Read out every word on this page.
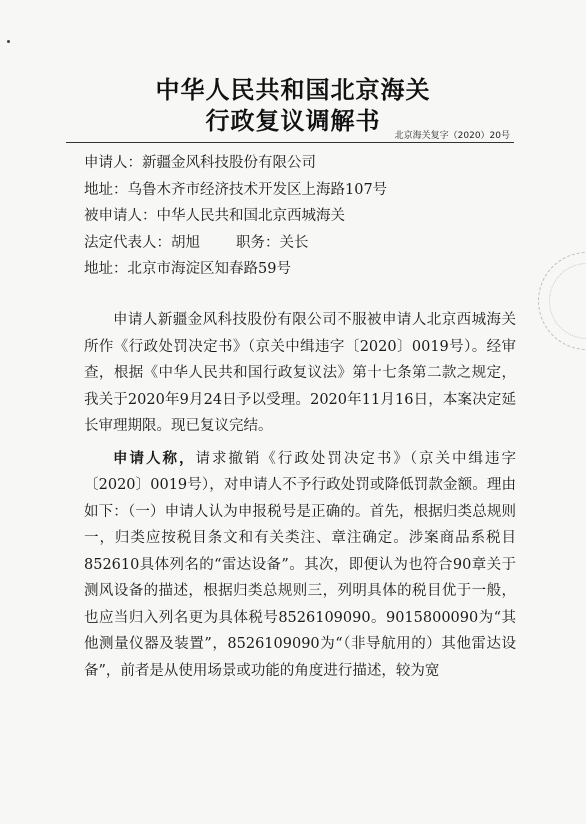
中华人民共和国北京海关
行政复议调解书
北京海关复字（2020）20号
申请人：新疆金风科技股份有限公司
地址：乌鲁木齐市经济技术开发区上海路107号
被申请人：中华人民共和国北京西城海关
法定代表人：胡旭 职务：关长
地址：北京市海淀区知春路59号

申请人新疆金风科技股份有限公司不服被申请人北京西城海关所作《行政处罚决定书》（京关中缉违字〔2020〕0019号）。经审查，根据《中华人民共和国行政复议法》第十七条第二款之规定，我关于2020年9月24日予以受理。2020年11月16日，本案决定延长审理期限。现已复议完结。

申请人称，请求撤销《行政处罚决定书》（京关中缉违字〔2020〕0019号），对申请人不予行政处罚或降低罚款金额。理由如下：（一）申请人认为申报税号是正确的。首先，根据归类总规则一，归类应按税目条文和有关类注、章注确定。涉案商品系税目852610具体列名的“雷达设备”。其次，即便认为也符合90章关于测风设备的描述，根据归类总规则三，列明具体的税目优于一般，也应当归入列名更为具体税号8526109090。9015800090为“其他测量仪器及装置”，8526109090为“（非导航用的）其他雷达设备”，前者是从使用场景或功能的角度进行描述，较为宽
